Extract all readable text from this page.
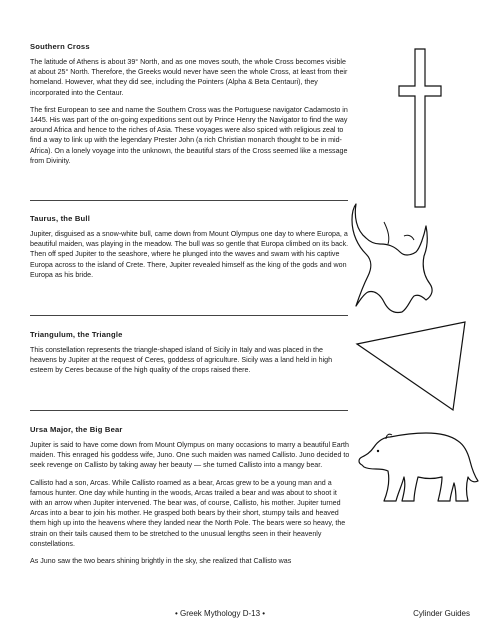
Southern Cross

The latitude of Athens is about 39° North, and as one moves south, the whole Cross becomes visible at about 25° North. Therefore, the Greeks would never have seen the whole Cross, at least from their homeland. However, what they did see, including the Pointers (Alpha & Beta Centauri), they incorporated into the Centaur.

The first European to see and name the Southern Cross was the Portuguese navigator Cadamosto in 1445. His was part of the on-going expeditions sent out by Prince Henry the Navigator to find the way around Africa and hence to the riches of Asia. These voyages were also spiced with religious zeal to find a way to link up with the legendary Prester John (a rich Christian monarch thought to be in mid-Africa). On a lonely voyage into the unknown, the beautiful stars of the Cross seemed like a message from Divinity.

Taurus, the Bull

Jupiter, disguised as a snow-white bull, came down from Mount Olympus one day to where Europa, a beautiful maiden, was playing in the meadow. The bull was so gentle that Europa climbed on its back. Then off sped Jupiter to the seashore, where he plunged into the waves and swam with his captive Europa across to the island of Crete. There, Jupiter revealed himself as the king of the gods and won Europa as his bride.

Triangulum, the Triangle

This constellation represents the triangle-shaped island of Sicily in Italy and was placed in the heavens by Jupiter at the request of Ceres, goddess of agriculture. Sicily was a land held in high esteem by Ceres because of the high quality of the crops raised there.

Ursa Major, the Big Bear

Jupiter is said to have come down from Mount Olympus on many occasions to marry a beautiful Earth maiden. This enraged his goddess wife, Juno. One such maiden was named Callisto. Juno decided to seek revenge on Callisto by taking away her beauty — she turned Callisto into a mangy bear.

Callisto had a son, Arcas. While Callisto roamed as a bear, Arcas grew to be a young man and a famous hunter. One day while hunting in the woods, Arcas trailed a bear and was about to shoot it with an arrow when Jupiter intervened. The bear was, of course, Callisto, his mother. Jupiter turned Arcas into a bear to join his mother. He grasped both bears by their short, stumpy tails and heaved them high up into the heavens where they landed near the North Pole. The bears were so heavy, the strain on their tails caused them to be stretched to the unusual lengths seen in their heavenly constellations.

As Juno saw the two bears shining brightly in the sky, she realized that Callisto was

• Greek Mythology D-13 •	Cylinder Guides
